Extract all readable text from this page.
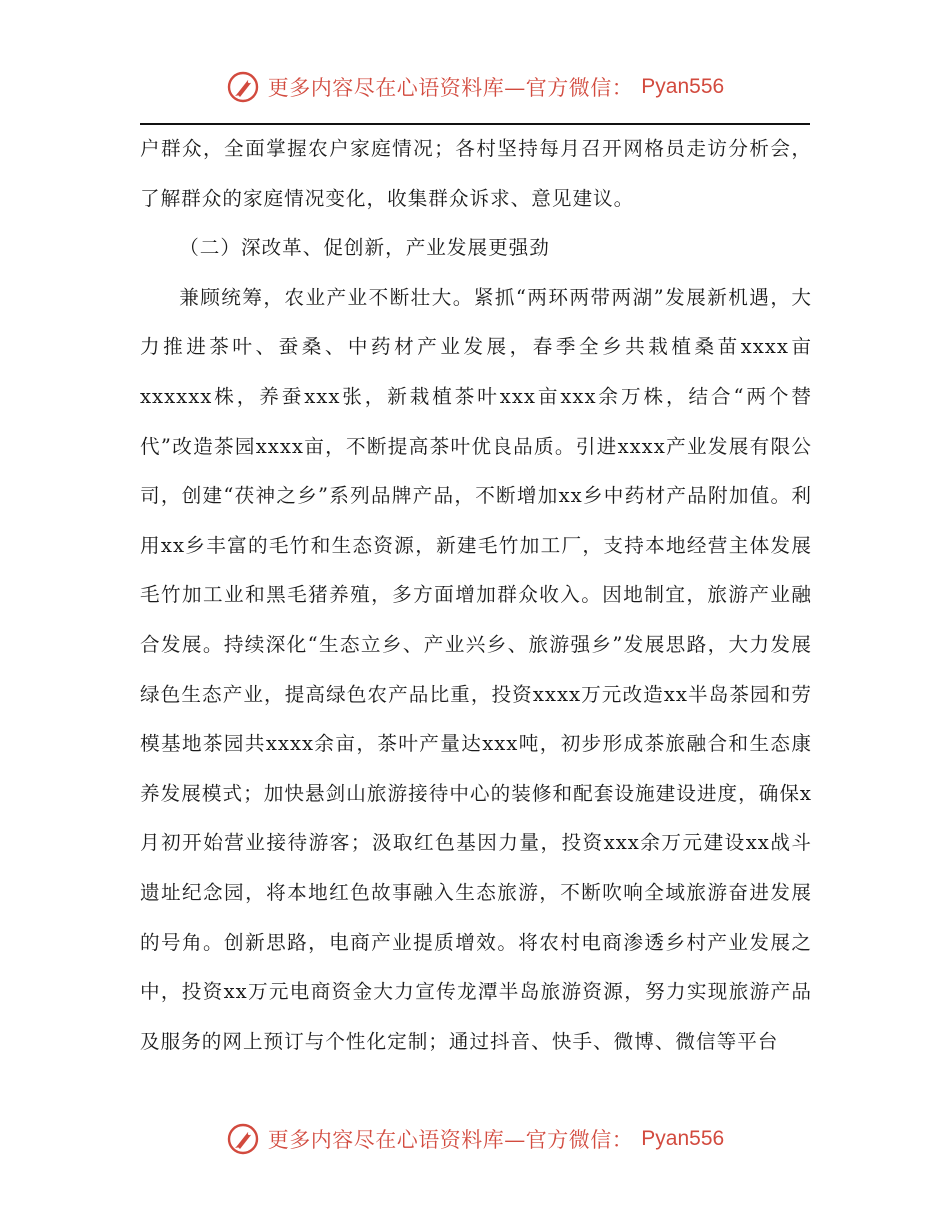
更多内容尽在心语资料库—官方微信： Pyan556

户群众，全面掌握农户家庭情况；各村坚持每月召开网格员走访分析会，了解群众的家庭情况变化，收集群众诉求、意见建议。

（二）深改革、促创新，产业发展更强劲

兼顾统筹，农业产业不断壮大。紧抓“两环两带两湖”发展新机遇，大力推进茶叶、蚕桑、中药材产业发展，春季全乡共栽植桑苗xxxx亩xxxxxx株，养蚕xxx张，新栽植茶叶xxx亩xxx余万株，结合“两个替代”改造茶园xxxx亩，不断提高茶叶优良品质。引进xxxx产业发展有限公司，创建“茯神之乡”系列品牌产品，不断增加xx乡中药材产品附加值。利用xx乡丰富的毛竹和生态资源，新建毛竹加工厂，支持本地经营主体发展毛竹加工业和黑毛猪养殖，多方面增加群众收入。因地制宜，旅游产业融合发展。持续深化“生态立乡、产业兴乡、旅游强乡”发展思路，大力发展绿色生态产业，提高绿色农产品比重，投资xxxx万元改造xx半岛茶园和劳模基地茶园共xxxx余亩，茶叶产量达xxx吨，初步形成茶旅融合和生态康养发展模式；加快悬剑山旅游接待中心的装修和配套设施建设进度，确保x月初开始营业接待游客；汲取红色基因力量，投资xxx余万元建设xx战斗遗址纪念园，将本地红色故事融入生态旅游，不断吹响全域旅游奋进发展的号角。创新思路，电商产业提质增效。将农村电商渗透乡村产业发展之中，投资xx万元电商资金大力宣传龙潭半岛旅游资源，努力实现旅游产品及服务的网上预订与个性化定制；通过抖音、快手、微博、微信等平台

更多内容尽在心语资料库—官方微信： Pyan556
